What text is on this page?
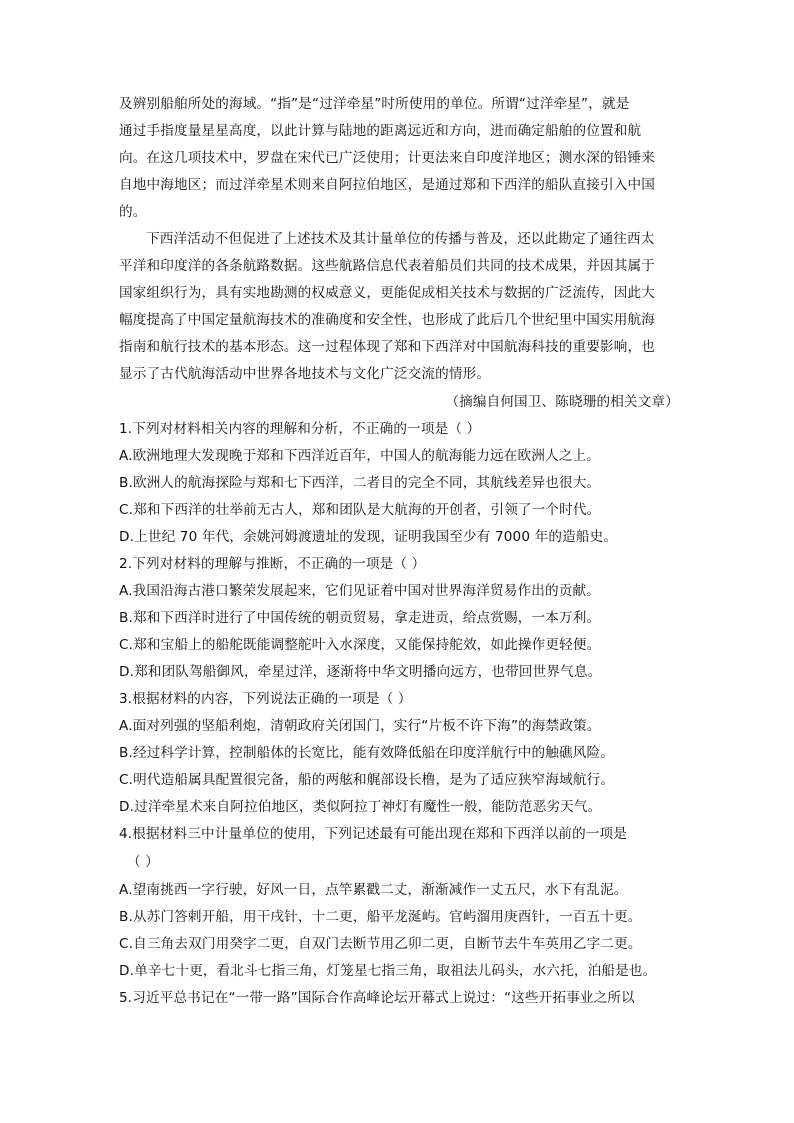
及辨别船舶所处的海域。“指”是“过洋牵星”时所使用的单位。所谓“过洋牵星”，就是
通过手指度量星星高度，以此计算与陆地的距离远近和方向，进而确定船舶的位置和航
向。在这几项技术中，罗盘在宋代已广泛使用；计更法来自印度洋地区；测水深的铅锤来
自地中海地区；而过洋牵星术则来自阿拉伯地区，是通过郑和下西洋的船队直接引入中国
的。
下西洋活动不但促进了上述技术及其计量单位的传播与普及，还以此勘定了通往西太
平洋和印度洋的各条航路数据。这些航路信息代表着船员们共同的技术成果，并因其属于
国家组织行为，具有实地勘测的权威意义，更能促成相关技术与数据的广泛流传，因此大
幅度提高了中国定量航海技术的准确度和安全性，也形成了此后几个世纪里中国实用航海
指南和航行技术的基本形态。这一过程体现了郑和下西洋对中国航海科技的重要影响，也
显示了古代航海活动中世界各地技术与文化广泛交流的情形。
（摘编自何国卫、陈晓珊的相关文章）
1.下列对材料相关内容的理解和分析，不正确的一项是（ ）
A.欧洲地理大发现晚于郑和下西洋近百年，中国人的航海能力远在欧洲人之上。
B.欧洲人的航海探险与郑和七下西洋，二者目的完全不同，其航线差异也很大。
C.郑和下西洋的壮举前无古人，郑和团队是大航海的开创者，引领了一个时代。
D.上世纪 70 年代，余姚河姆渡遗址的发现，证明我国至少有 7000 年的造船史。
2.下列对材料的理解与推断，不正确的一项是（ ）
A.我国沿海古港口繁荣发展起来，它们见证着中国对世界海洋贸易作出的贡献。
B.郑和下西洋时进行了中国传统的朝贡贸易，拿走进贡，给点赏赐，一本万利。
C.郑和宝船上的船舵既能调整舵叶入水深度，又能保持舵效，如此操作更轻便。
D.郑和团队驾船御风，牵星过洋，逐渐将中华文明播向远方，也带回世界气息。
3.根据材料的内容，下列说法正确的一项是（ ）
A.面对列强的坚船利炮，清朝政府关闭国门，实行“片板不许下海”的海禁政策。
B.经过科学计算，控制船体的长宽比，能有效降低船在印度洋航行中的触礁风险。
C.明代造船属具配置很完备，船的两舷和艉部设长橹，是为了适应狭窄海域航行。
D.过洋牵星术来自阿拉伯地区，类似阿拉丁神灯有魔性一般，能防范恶劣天气。
4.根据材料三中计量单位的使用，下列记述最有可能出现在郑和下西洋以前的一项是
（ ）
A.望南挑西一字行驶，好风一日，点竿累戳二丈，渐渐减作一丈五尺，水下有乱泥。
B.从苏门答剌开船，用干戌针，十二更，船平龙涎屿。官屿溜用庚酉针，一百五十更。
C.自三角去双门用癸字二更，自双门去断节用乙卯二更，自断节去牛车英用乙字二更。
D.单辛七十更，看北斗七指三角，灯笼星七指三角，取祖法儿码头，水六托，泊船是也。
5.习近平总书记在“一带一路”国际合作高峰论坛开幕式上说过：“这些开拓事业之所以
